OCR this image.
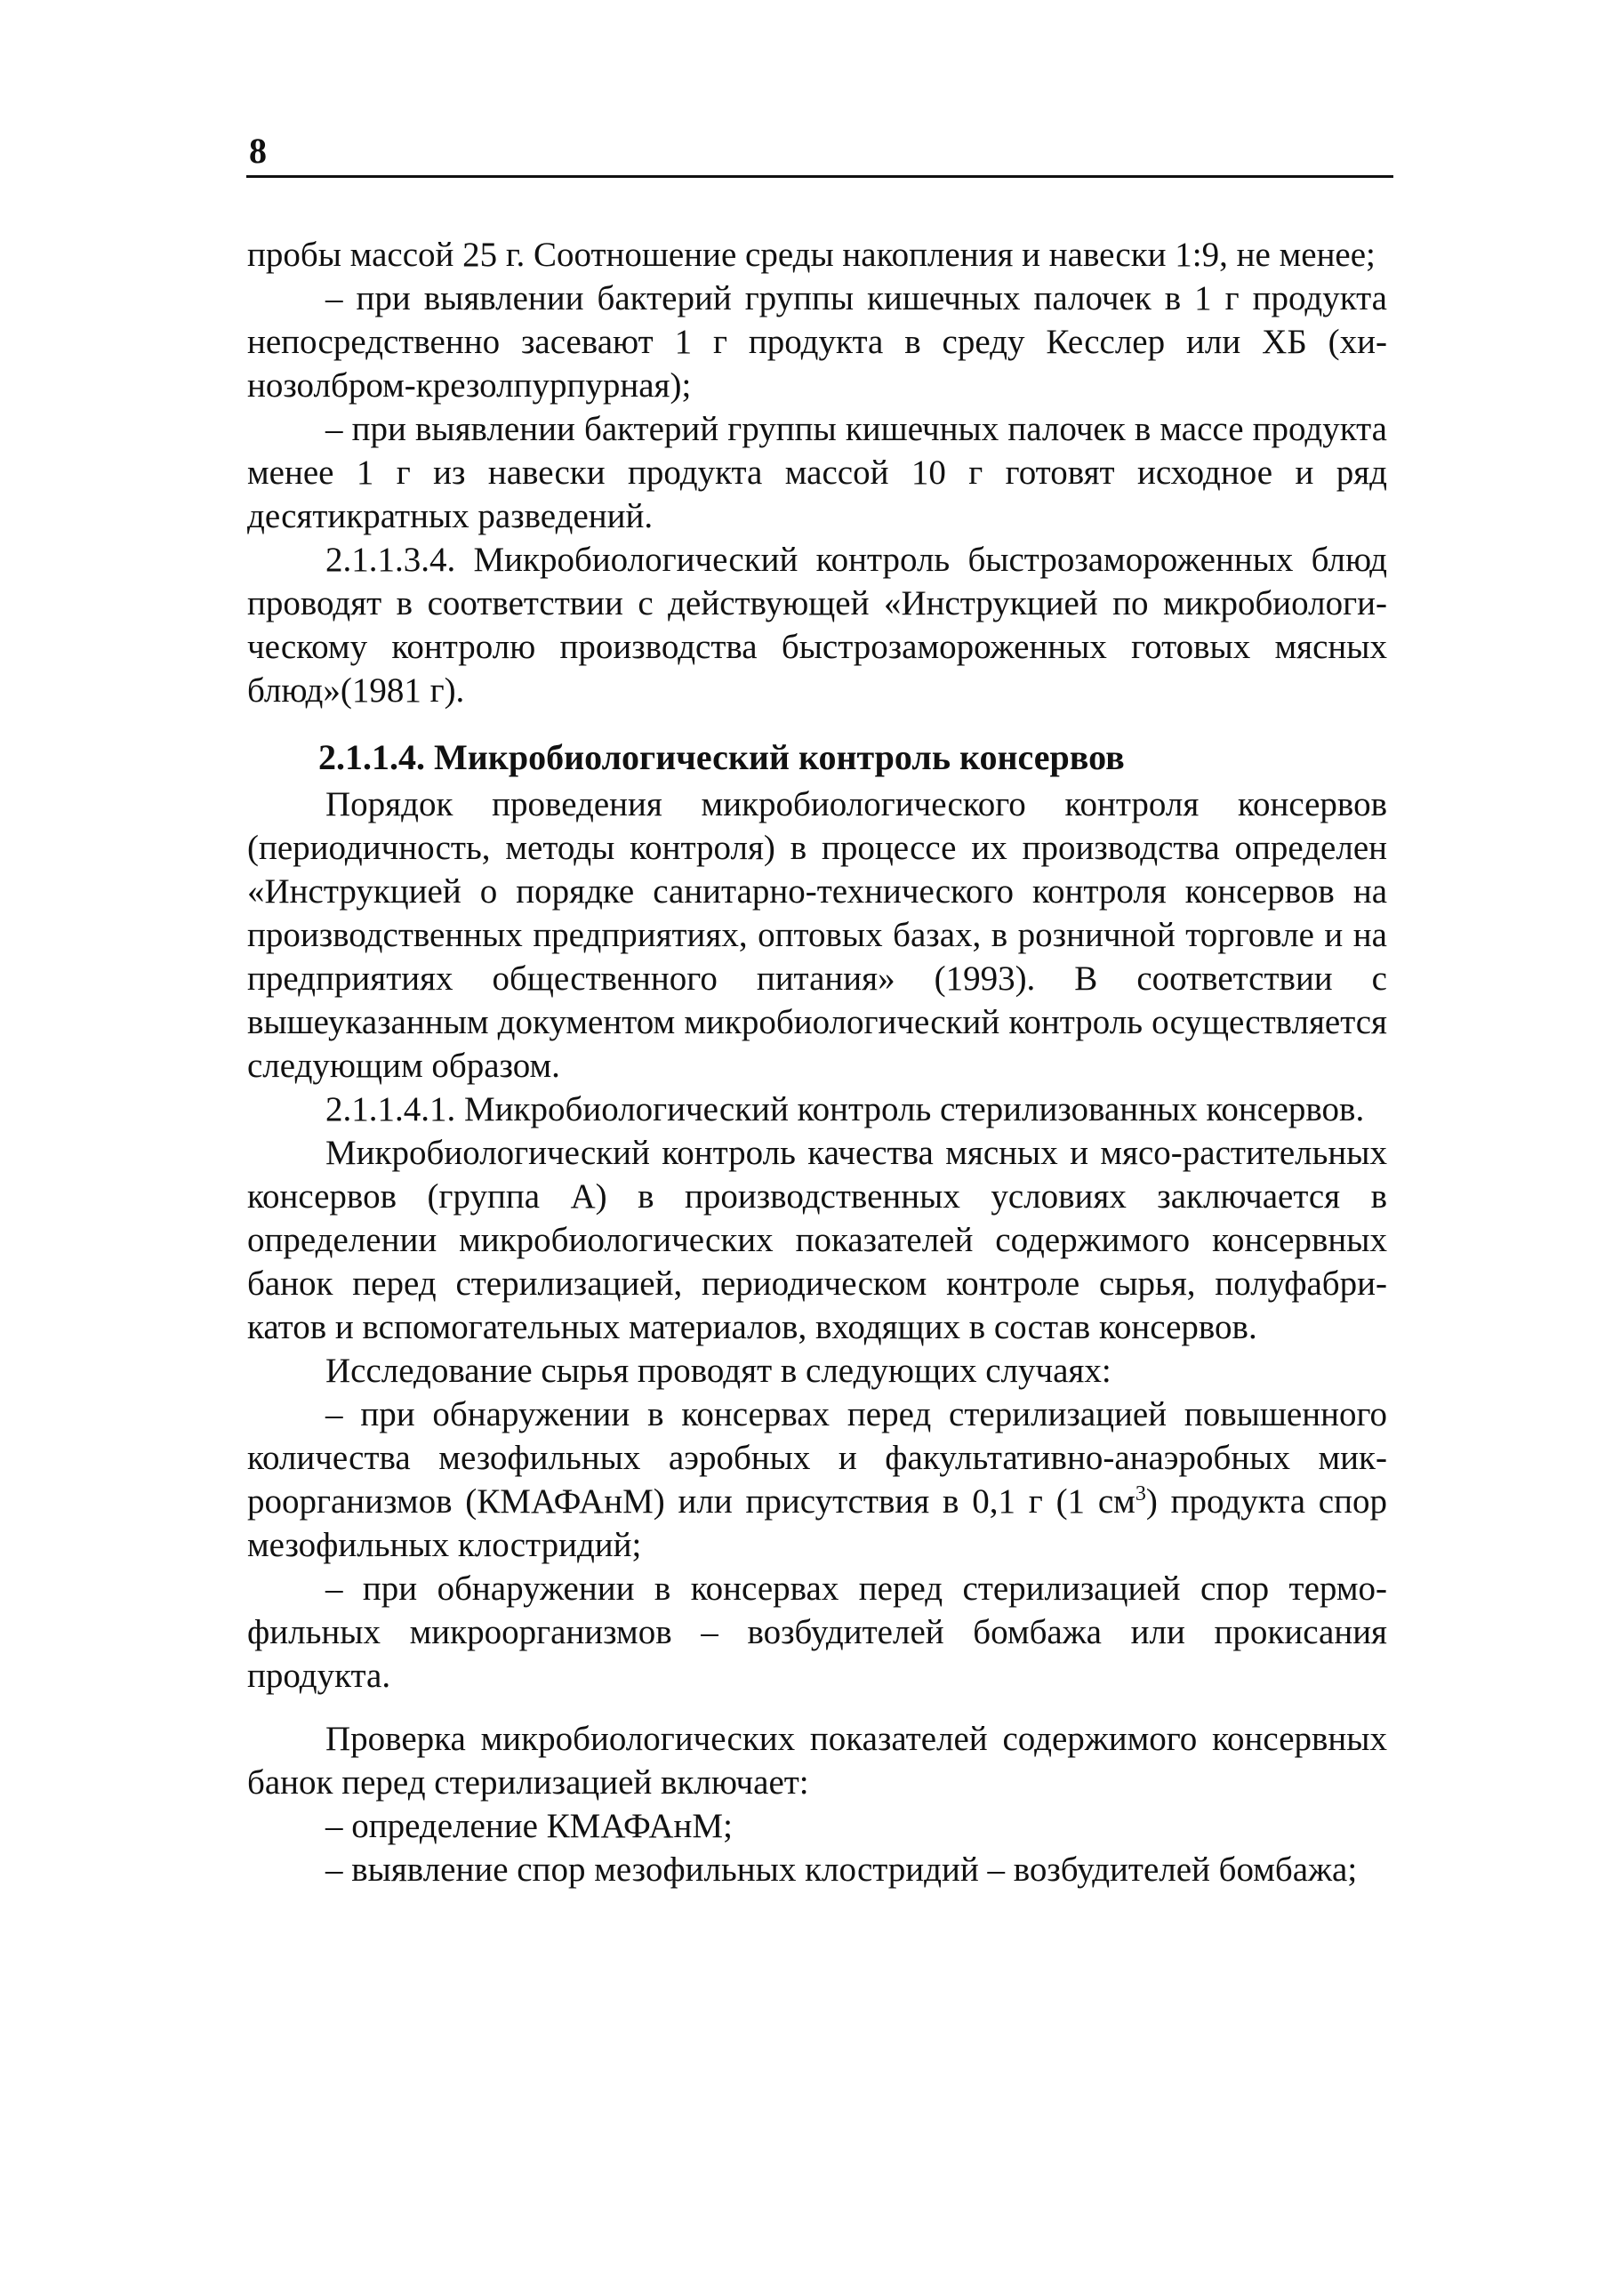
8

пробы массой 25 г. Соотношение среды накопления и навески 1:9, не менее;

– при выявлении бактерий группы кишечных палочек в 1 г продукта непосредственно засевают 1 г продукта в среду Кесслер или ХБ (хинозолбром-крезолпурпурная);

– при выявлении бактерий группы кишечных палочек в массе продукта менее 1 г из навески продукта массой 10 г готовят исходное и ряд десятикратных разведений.

2.1.1.3.4. Микробиологический контроль быстрозамороженных блюд проводят в соответствии с действующей «Инструкцией по микробиологическому контролю производства быстрозамороженных готовых мясных блюд»(1981 г).

2.1.1.4. Микробиологический контроль консервов

Порядок проведения микробиологического контроля консервов (периодичность, методы контроля) в процессе их производства определен «Инструкцией о порядке санитарно-технического контроля консервов на производственных предприятиях, оптовых базах, в розничной торговле и на предприятиях общественного питания» (1993). В соответствии с вышеуказанным документом микробиологический контроль осуществляется следующим образом.

2.1.1.4.1. Микробиологический контроль стерилизованных консервов.

Микробиологический контроль качества мясных и мясо-растительных консервов (группа А) в производственных условиях заключается в определении микробиологических показателей содержимого консервных банок перед стерилизацией, периодическом контроле сырья, полуфабрикатов и вспомогательных материалов, входящих в состав консервов.

Исследование сырья проводят в следующих случаях:

– при обнаружении в консервах перед стерилизацией повышенного количества мезофильных аэробных и факультативно-анаэробных микроорганизмов (КМАФАнМ) или присутствия в 0,1 г (1 $см^3$) продукта спор мезофильных клостридий;

– при обнаружении в консервах перед стерилизацией спор термофильных микроорганизмов – возбудителей бомбажа или прокисания продукта.

Проверка микробиологических показателей содержимого консервных банок перед стерилизацией включает:

– определение КМАФАнМ;

– выявление спор мезофильных клостридий – возбудителей бомбажа;
